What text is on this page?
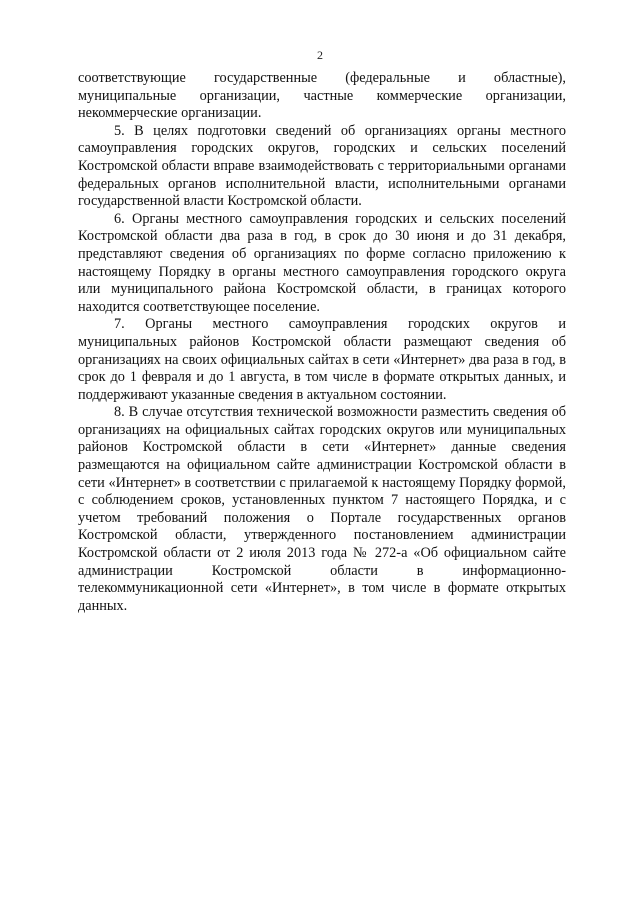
2

соответствующие государственные (федеральные и областные), муниципальные организации, частные коммерческие организации, некоммерческие организации.

5. В целях подготовки сведений об организациях органы местного самоуправления городских округов, городских и сельских поселений Костромской области вправе взаимодействовать с территориальными органами федеральных органов исполнительной власти, исполнительными органами государственной власти Костромской области.

6. Органы местного самоуправления городских и сельских поселений Костромской области два раза в год, в срок до 30 июня и до 31 декабря, представляют сведения об организациях по форме согласно приложению к настоящему Порядку в органы местного самоуправления городского округа или муниципального района Костромской области, в границах которого находится соответствующее поселение.

7. Органы местного самоуправления городских округов и муниципальных районов Костромской области размещают сведения об организациях на своих официальных сайтах в сети «Интернет» два раза в год, в срок до 1 февраля и до 1 августа, в том числе в формате открытых данных, и поддерживают указанные сведения в актуальном состоянии.

8. В случае отсутствия технической возможности разместить сведения об организациях на официальных сайтах городских округов или муниципальных районов Костромской области в сети «Интернет» данные сведения размещаются на официальном сайте администрации Костромской области в сети «Интернет» в соответствии с прилагаемой к настоящему Порядку формой, с соблюдением сроков, установленных пунктом 7 настоящего Порядка, и с учетом требований положения о Портале государственных органов Костромской области, утвержденного постановлением администрации Костромской области от 2 июля 2013 года № 272-а «Об официальном сайте администрации Костромской области в информационно-телекоммуникационной сети «Интернет», в том числе в формате открытых данных.
